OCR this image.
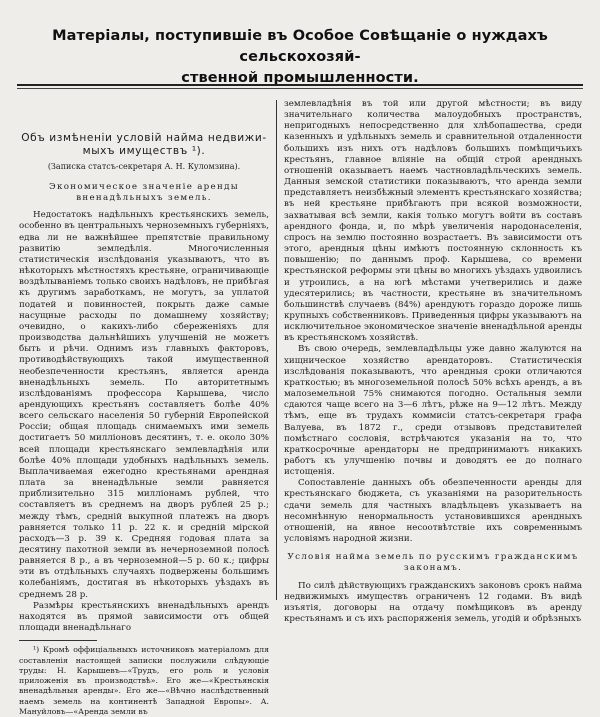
Матеріалы, поступившіе въ Особое Совѣщаніе о нуждахъ сельскохозяй-
ственной промышленности.
Объ измѣненіи условій найма недвижи-мыхъ имуществъ ¹).
(Записка статсъ-секретаря А. Н. Куломзина).
Экономическое значеніе аренды вненадѣльныхъ земель.

Недостатокъ надѣльныхъ крестьянскихъ земель, особенно въ центральныхъ черноземныхъ губерніяхъ, едва ли не важнѣйшее препятствіе правильному развитію земледѣлія. Многочисленныя статистическія изслѣдованія указываютъ, что въ нѣкоторыхъ мѣстностяхъ крестьяне, ограничивающіе воздѣлываніемъ только своихъ надѣловъ, не прибѣгая къ другимъ заработкамъ, не могутъ, за уплатой податей и повинностей, покрыть даже самые насущные расходы по домашнему хозяйству; очевидно, о какихъ-либо сбереженіяхъ для производства дальнѣйшихъ улучшеній не можетъ быть и рѣчи. Однимъ изъ главныхъ факторовъ, противодѣйствующихъ такой имущественной необезпеченности крестьянъ, является аренда вненадѣльныхъ земель. По авторитетнымъ изслѣдованіямъ профессора Карышева, число арендующихъ крестьянъ составляетъ болѣе 40% всего сельскаго населенія 50 губерній Европейской Россіи; общая площадь снимаемыхъ ими земель достигаетъ 50 милліоновъ десятинъ, т. е. около 30% всей площади крестьянскаго землевладѣнія или болѣе 40% площади удобныхъ надѣльныхъ земель. Выплачиваемая ежегодно крестьянами арендная плата за вненадѣльные земли равняется приблизительно 315 милліонамъ рублей, что составляетъ въ среднемъ на дворъ рублей 25 р.; между тѣмъ, средній выкупной платежъ на дворъ равняется только 11 р. 22 к. и средній мірской расходъ—3 р. 39 к. Средняя годовая плата за десятину пахотной земли въ нечерноземной полосѣ равняется 8 р., а въ черноземной—5 р. 60 к.; цифры эти въ отдѣльныхъ случаяхъ подвержены большимъ колебаніямъ, достигая въ нѣкоторыхъ уѣздахъ въ среднемъ 28 р.

Размѣры крестьянскихъ вненадѣльныхъ арендъ находятся въ прямой зависимости отъ общей площади вненадѣльнаго

¹) Кромѣ оффиціальныхъ источниковъ матеріаломъ для составленія настоящей записки послужили слѣдующіе труды: Н. Карышевъ—«Трудъ, его роль и условія приложенія въ производствѣ». Его же—«Крестьянскія вненадѣльныя аренды». Его же—«Вѣчно наслѣдственный наемъ земель на континентѣ Западной Европы». А. Мануйловъ—«Аренда земли въ

землевладѣнія въ той или другой мѣстности; въ виду значительнаго количества малоудобныхъ пространствъ, непригодныхъ непосредственно для хлѣбопашества, среди казенныхъ и удѣльныхъ земель и сравнительной отдаленности большихъ изъ нихъ отъ надѣловъ большихъ помѣщичьихъ крестьянъ, главное вліяніе на общій строй арендныхъ отношеній оказываетъ наемъ частновладѣльческихъ земель. Данныя земской статистики показываютъ, что аренда земли представляетъ неизбѣжный элементъ крестьянскаго хозяйства; въ ней крестьяне прибѣгаютъ при всякой возможности, захватывая всѣ земли, какія только могутъ войти въ составъ арендного фонда, и, по мѣрѣ увеличенія народонаселенія, спросъ на землю постоянно возрастаетъ. Въ зависимости отъ этого, арендныя цѣны имѣютъ постоянную склонность къ повышенію; по даннымъ проф. Карышева, со времени крестьянской реформы эти цѣны во многихъ уѣздахъ удвоилисъ и утроились, а на югѣ мѣстами учетверились и даже удесятерились; въ частности, крестьяне въ значительномъ большинствѣ случаевъ (84%) арендуютъ гораздо дороже лишь крупныхъ собственниковъ. Приведенныя цифры указываютъ на исключительное экономическое значеніе вненадѣльной аренды въ крестьянскомъ хозяйствѣ.

Въ свою очередь, землевладѣльцы уже давно жалуются на хищническое хозяйство арендаторовъ. Статистическія изслѣдованія показываютъ, что арендныя сроки отличаются краткостью; въ многоземельной полосѣ 50% всѣхъ арендъ, а въ малоземельной 75% снимаются погодно. Остальныя земли сдаются чаще всего на 3—6 лѣтъ, рѣже на 9—12 лѣтъ. Между тѣмъ, еще въ трудахъ коммисіи статсъ-секретаря графа Валуева, въ 1872 г., среди отзывовъ представителей помѣстнаго сословія, встрѣчаются указанія на то, что краткосрочные арендаторы не предпринимаютъ никакихъ работъ къ улучшенію почвы и доводятъ ее до полнаго истощенія.

Сопоставленіе данныхъ объ обезпеченности аренды для крестьянскаго бюджета, съ указаніями на разорительность сдачи земель для частныхъ владѣльцевъ указываетъ на несомнѣнную ненормальность установившихся арендныхъ отношеній, на явное несоотвѣтствіе ихъ современнымъ условіямъ народной жизни.

Условія найма земель по русскимъ гражданскимъ законамъ.

По силѣ дѣйствующихъ гражданскихъ законовъ срокъ найма недвижимыхъ имуществъ ограниченъ 12 годами. Въ видѣ изъятія, договоры на отдачу помѣщиковъ въ аренду крестьянамъ и съ ихъ распоряженія земель, угодій и обрѣзныхъ
